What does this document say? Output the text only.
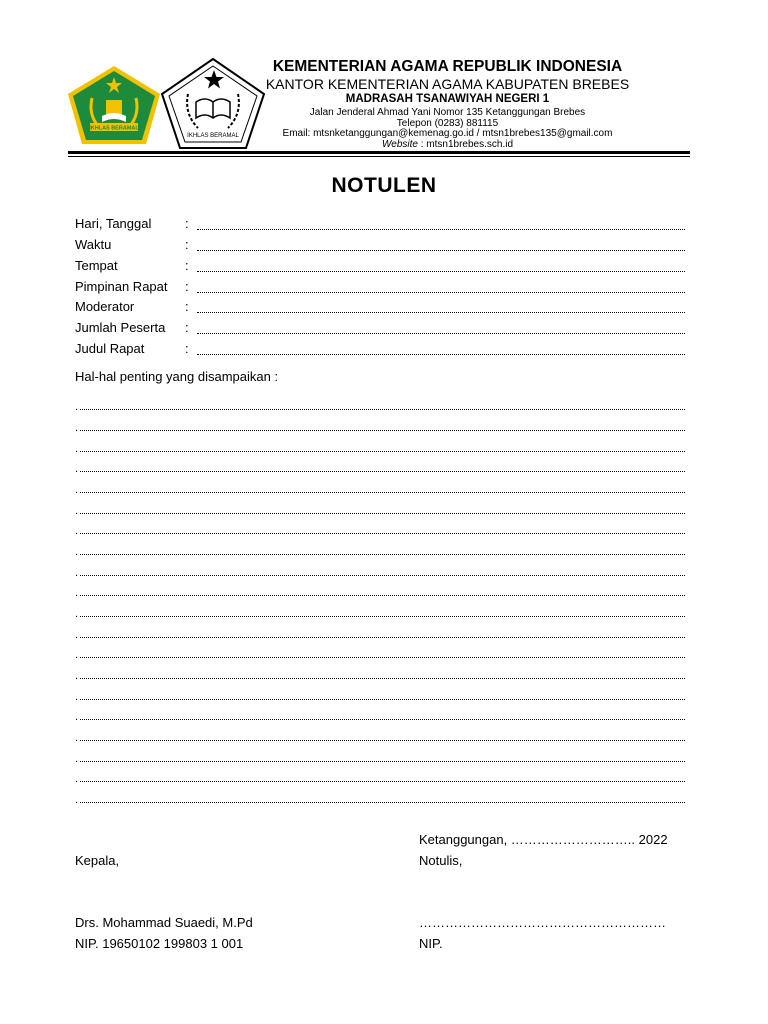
IKHLAS BERAMAL
IKHLAS BERAMAL
KEMENTERIAN AGAMA REPUBLIK INDONESIA
KANTOR KEMENTERIAN AGAMA KABUPATEN BREBES
MADRASAH TSANAWIYAH NEGERI 1
Jalan Jenderal Ahmad Yani Nomor 135 Ketanggungan Brebes
Telepon (0283) 881115
Email: mtsnketanggungan@kemenag.go.id / mtsn1brebes135@gmail.com
Website : mtsn1brebes.sch.id
NOTULEN
Hari, Tanggal	:
Waktu	:
Tempat	:
Pimpinan Rapat :
Moderator	:
Jumlah Peserta :
Judul Rapat	:
Hal-hal penting yang disampaikan :
.
.
.
.
.
.
.
.
.
.
.
.
.
.
.
.
.
.
.
.
Ketanggungan, ……………………….. 2022
Kepala,	Notulis,
Drs. Mohammad Suaedi, M.Pd	…………………………………………………
NIP. 19650102 199803 1 001	NIP.
